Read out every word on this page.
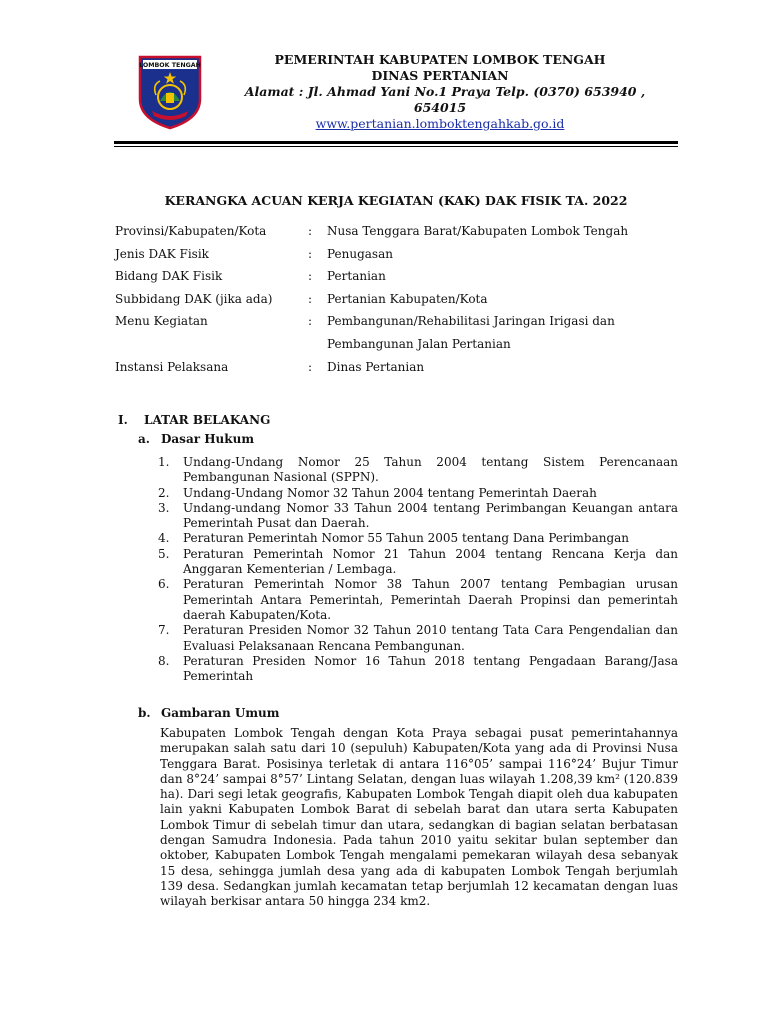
LOMBOK TENGAH	PEMERINTAH KABUPATEN LOMBOK TENGAH
DINAS PERTANIAN
Alamat : Jl. Ahmad Yani No.1 Praya Telp. (0370) 653940 ,
654015
www.pertanian.lomboktengahkab.go.id
KERANGKA ACUAN KERJA KEGIATAN (KAK) DAK FISIK TA. 2022
Provinsi/Kabupaten/Kota	: Nusa Tenggara Barat/Kabupaten Lombok Tengah
Jenis DAK Fisik	: Penugasan
Bidang DAK Fisik	: Pertanian
Subbidang DAK (jika ada)	: Pertanian Kabupaten/Kota
Menu Kegiatan	: Pembangunan/Rehabilitasi Jaringan Irigasi dan
Pembangunan Jalan Pertanian
Instansi Pelaksana	: Dinas Pertanian
I. LATAR BELAKANG
a. Dasar Hukum
1. Undang-Undang Nomor 25 Tahun 2004 tentang Sistem Perencanaan Pembangunan Nasional (SPPN).
2. Undang-Undang Nomor 32 Tahun 2004 tentang Pemerintah Daerah
3. Undang-undang Nomor 33 Tahun 2004 tentang Perimbangan Keuangan antara Pemerintah Pusat dan Daerah.
4. Peraturan Pemerintah Nomor 55 Tahun 2005 tentang Dana Perimbangan
5. Peraturan Pemerintah Nomor 21 Tahun 2004 tentang Rencana Kerja dan Anggaran Kementerian / Lembaga.
6. Peraturan Pemerintah Nomor 38 Tahun 2007 tentang Pembagian urusan Pemerintah Antara Pemerintah, Pemerintah Daerah Propinsi dan pemerintah daerah Kabupaten/Kota.
7. Peraturan Presiden Nomor 32 Tahun 2010 tentang Tata Cara Pengendalian dan Evaluasi Pelaksanaan Rencana Pembangunan.
8. Peraturan Presiden Nomor 16 Tahun 2018 tentang Pengadaan Barang/Jasa Pemerintah
b. Gambaran Umum
Kabupaten Lombok Tengah dengan Kota Praya sebagai pusat pemerintahannya merupakan salah satu dari 10 (sepuluh) Kabupaten/Kota yang ada di Provinsi Nusa Tenggara Barat. Posisinya terletak di antara 116°05’ sampai 116°24’ Bujur Timur dan 8°24’ sampai 8°57’ Lintang Selatan, dengan luas wilayah 1.208,39 km² (120.839 ha). Dari segi letak geografis, Kabupaten Lombok Tengah diapit oleh dua kabupaten lain yakni Kabupaten Lombok Barat di sebelah barat dan utara serta Kabupaten Lombok Timur di sebelah timur dan utara, sedangkan di bagian selatan berbatasan dengan Samudra Indonesia. Pada tahun 2010 yaitu sekitar bulan september dan oktober, Kabupaten Lombok Tengah mengalami pemekaran wilayah desa sebanyak 15 desa, sehingga jumlah desa yang ada di kabupaten Lombok Tengah berjumlah 139 desa. Sedangkan jumlah kecamatan tetap berjumlah 12 kecamatan dengan luas wilayah berkisar antara 50 hingga 234 km2.
